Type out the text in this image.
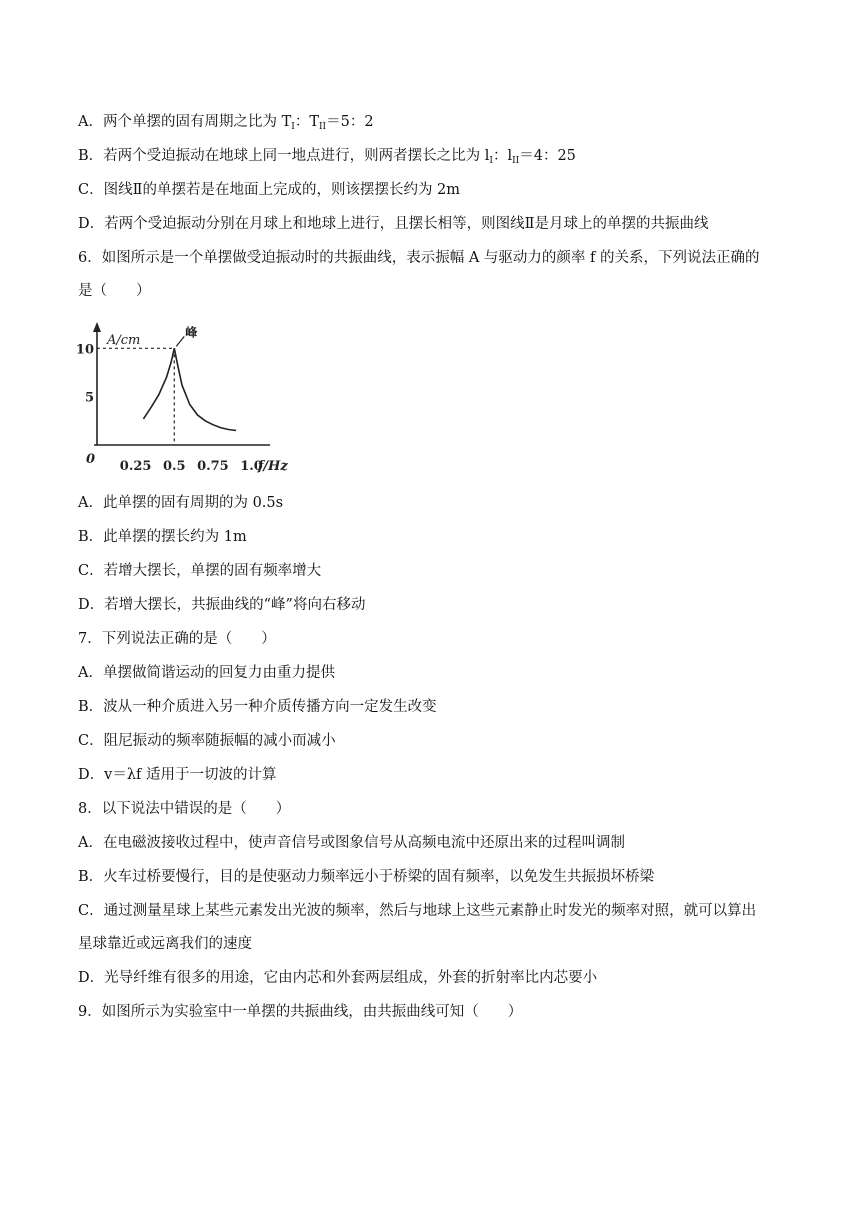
A．两个单摆的固有周期之比为 $T_I$：$T_{II}=5$：2
B．若两个受迫振动在地球上同一地点进行，则两者摆长之比为 $l_I$：$l_{II}=4$：25
C．图线Ⅱ的单摆若是在地面上完成的，则该摆摆长约为 2m
D．若两个受迫振动分别在月球上和地球上进行，且摆长相等，则图线Ⅱ是月球上的单摆的共振曲线
6．如图所示是一个单摆做受迫振动时的共振曲线，表示振幅 A 与驱动力的颜率 f 的关系，下列说法正确的
是（　　）
A/cm
f/Hz
0 0.25 0.5 0.75 1.0
5
10
峰
A．此单摆的固有周期的为 0.5s
B．此单摆的摆长约为 1m
C．若增大摆长，单摆的固有频率增大
D．若增大摆长，共振曲线的“峰”将向右移动
7．下列说法正确的是（　　）
A．单摆做简谐运动的回复力由重力提供
B．波从一种介质进入另一种介质传播方向一定发生改变
C．阻尼振动的频率随振幅的减小而减小
D．v＝λf 适用于一切波的计算
8．以下说法中错误的是（　　）
A．在电磁波接收过程中，使声音信号或图象信号从高频电流中还原出来的过程叫调制
B．火车过桥要慢行，目的是使驱动力频率远小于桥梁的固有频率，以免发生共振损坏桥梁
C．通过测量星球上某些元素发出光波的频率，然后与地球上这些元素静止时发光的频率对照，就可以算出
星球靠近或远离我们的速度
D．光导纤维有很多的用途，它由内芯和外套两层组成，外套的折射率比内芯要小
9．如图所示为实验室中一单摆的共振曲线，由共振曲线可知（　　）
